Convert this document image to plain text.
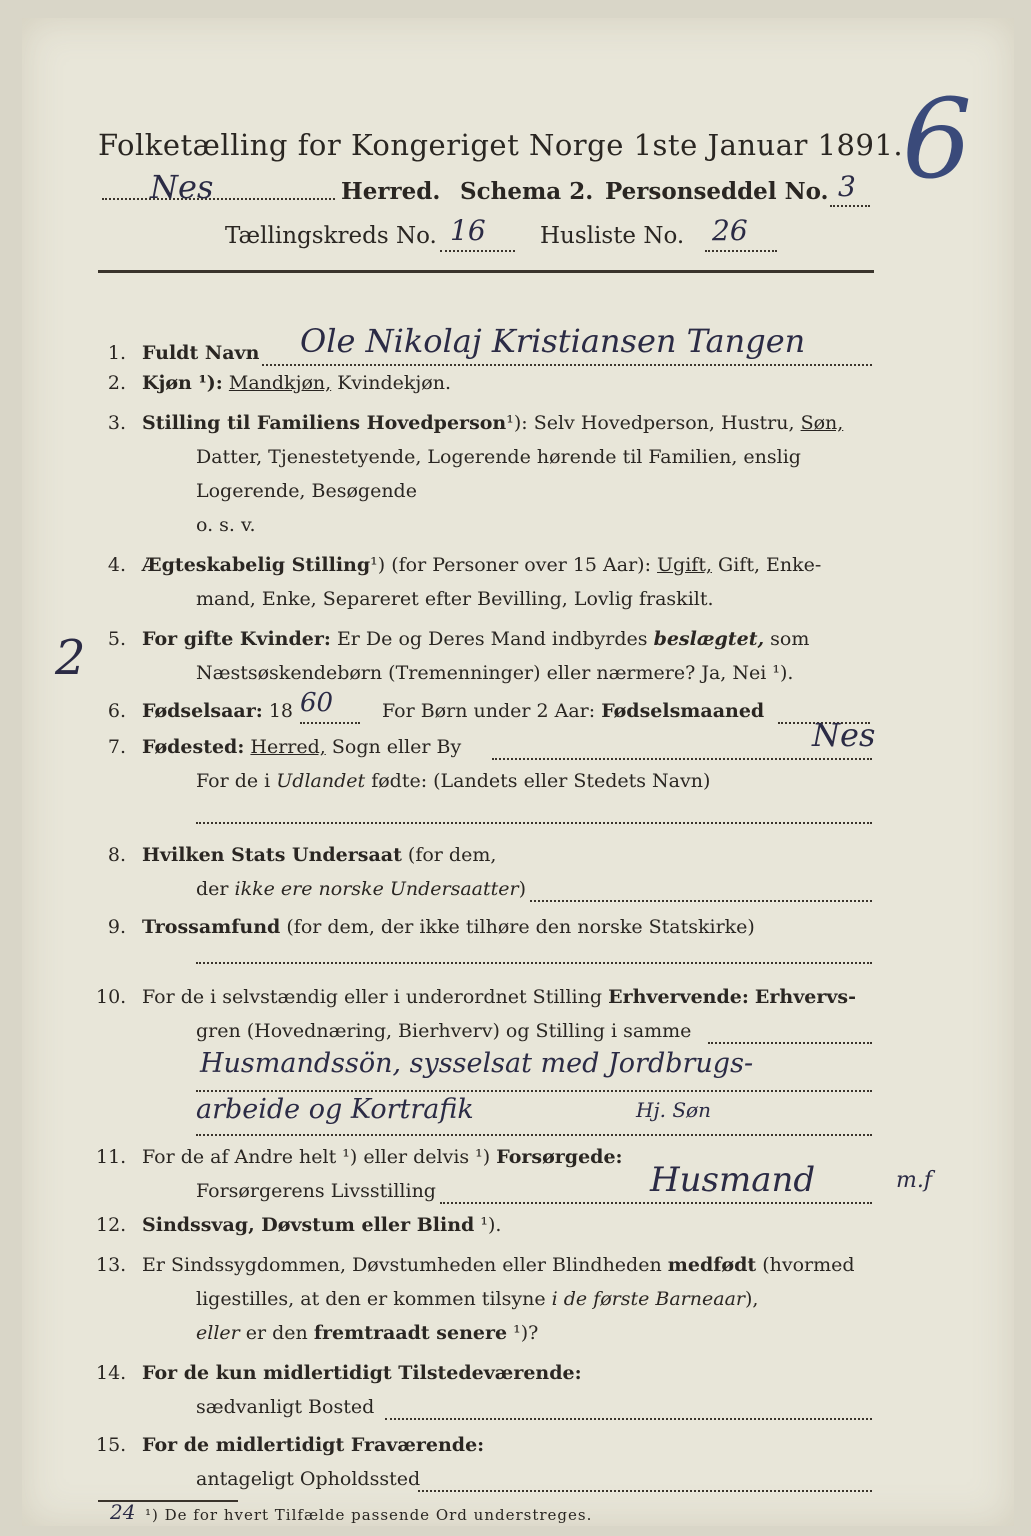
Folketælling for Kongeriget Norge 1ste Januar 1891.
6
Nes	Herred. Schema 2. Personseddel No. 3
Tællingskreds No. 16 Husliste No. 26
2
1. Fuldt Navn Ole Nikolaj Kristiansen Tangen
2. Kjøn ¹): Mandkjøn, Kvindekjøn.
3. Stilling til Familiens Hovedperson¹): Selv Hovedperson, Hustru, Søn,
Datter, Tjenestetyende, Logerende hørende til Familien, enslig
Logerende, Besøgende
o. s. v.
4. Ægteskabelig Stilling¹) (for Personer over 15 Aar): Ugift, Gift, Enke-
mand, Enke, Separeret efter Bevilling, Lovlig fraskilt.
5. For gifte Kvinder: Er De og Deres Mand indbyrdes beslægtet, som
Næstsøskendebørn (Tremenninger) eller nærmere? Ja, Nei ¹).
6. Fødselsaar: 18 60	For Børn under 2 Aar: Fødselsmaaned
7. Fødested: Herred, Sogn eller By	Nes
For de i Udlandet fødte: (Landets eller Stedets Navn)
8. Hvilken Stats Undersaat (for dem,
der ikke ere norske Undersaatter)
9. Trossamfund (for dem, der ikke tilhøre den norske Statskirke)
10. For de i selvstændig eller i underordnet Stilling Erhvervende: Erhvervs-
gren (Hovednæring, Bierhverv) og Stilling i samme
Husmandssön, sysselsat med Jordbrugs-
arbeide og Kortrafik	Hj. Søn
11. For de af Andre helt ¹) eller delvis ¹) Forsørgede:
Forsørgerens Livsstilling	Husmand	m.f
12. Sindssvag, Døvstum eller Blind ¹).
13. Er Sindssygdommen, Døvstumheden eller Blindheden medfødt (hvormed
ligestilles, at den er kommen tilsyne i de første Barneaar),
eller er den fremtraadt senere ¹)?
14. For de kun midlertidigt Tilstedeværende:
sædvanligt Bosted
15. For de midlertidigt Fraværende:
antageligt Opholdssted
¹) De for hvert Tilfælde passende Ord understreges.
24
